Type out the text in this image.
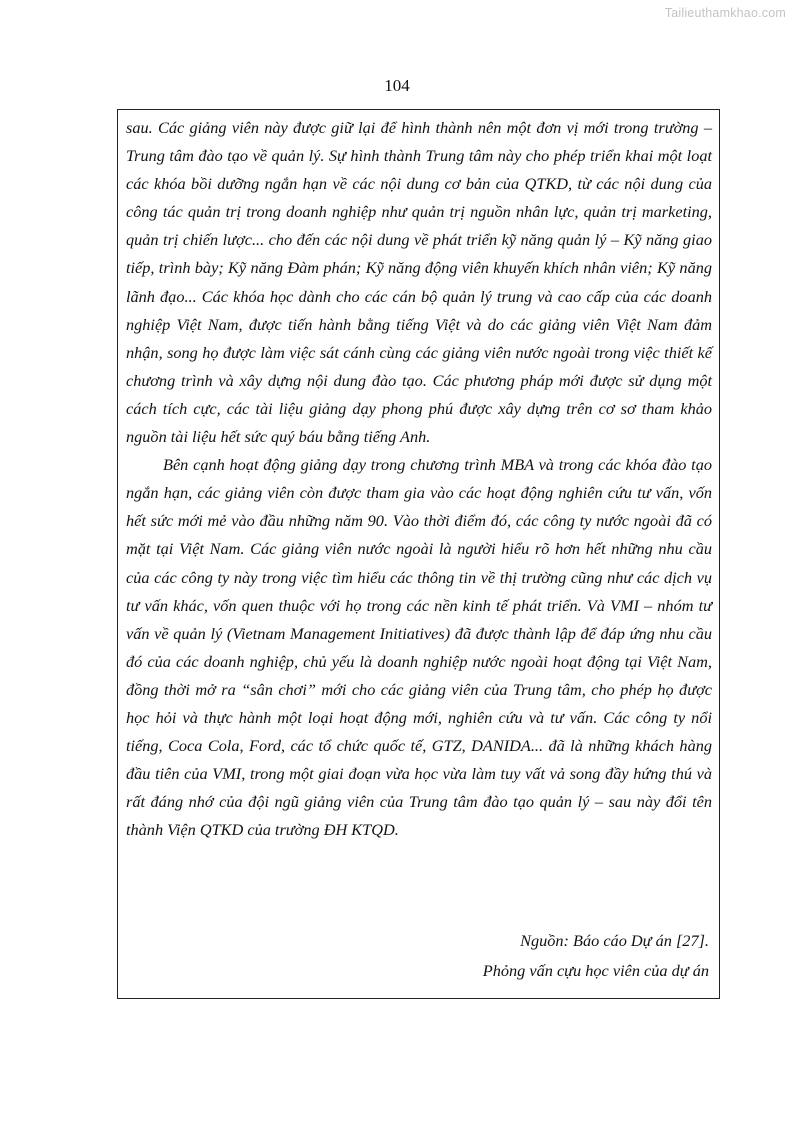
Tailieuthamkhao.com
104

sau. Các giảng viên này được giữ lại để hình thành nên một đơn vị mới trong trường – Trung tâm đào tạo về quản lý. Sự hình thành Trung tâm này cho phép triển khai một loạt các khóa bồi dưỡng ngắn hạn về các nội dung cơ bản của QTKD, từ các nội dung của công tác quản trị trong doanh nghiệp như quản trị nguồn nhân lực, quản trị marketing, quản trị chiến lược... cho đến các nội dung về phát triển kỹ năng quản lý – Kỹ năng giao tiếp, trình bày; Kỹ năng Đàm phán; Kỹ năng động viên khuyến khích nhân viên; Kỹ năng lãnh đạo... Các khóa học dành cho các cán bộ quản lý trung và cao cấp của các doanh nghiệp Việt Nam, được tiến hành bằng tiếng Việt và do các giảng viên Việt Nam đảm nhận, song họ được làm việc sát cánh cùng các giảng viên nước ngoài trong việc thiết kế chương trình và xây dựng nội dung đào tạo. Các phương pháp mới được sử dụng một cách tích cực, các tài liệu giảng dạy phong phú được xây dựng trên cơ sơ tham khảo nguồn tài liệu hết sức quý báu bằng tiếng Anh.

Bên cạnh hoạt động giảng dạy trong chương trình MBA và trong các khóa đào tạo ngắn hạn, các giảng viên còn được tham gia vào các hoạt động nghiên cứu tư vấn, vốn hết sức mới mẻ vào đầu những năm 90. Vào thời điểm đó, các công ty nước ngoài đã có mặt tại Việt Nam. Các giảng viên nước ngoài là người hiểu rõ hơn hết những nhu cầu của các công ty này trong việc tìm hiểu các thông tin về thị trường cũng như các dịch vụ tư vấn khác, vốn quen thuộc với họ trong các nền kinh tế phát triển. Và VMI – nhóm tư vấn về quản lý (Vietnam Management Initiatives) đã được thành lập để đáp ứng nhu cầu đó của các doanh nghiệp, chủ yếu là doanh nghiệp nước ngoài hoạt động tại Việt Nam, đồng thời mở ra “sân chơi” mới cho các giảng viên của Trung tâm, cho phép họ được học hỏi và thực hành một loại hoạt động mới, nghiên cứu và tư vấn. Các công ty nổi tiếng, Coca Cola, Ford, các tổ chức quốc tế, GTZ, DANIDA... đã là những khách hàng đầu tiên của VMI, trong một giai đoạn vừa học vừa làm tuy vất vả song đầy hứng thú và rất đáng nhớ của đội ngũ giảng viên của Trung tâm đào tạo quản lý – sau này đổi tên thành Viện QTKD của trường ĐH KTQD.

Nguồn: Báo cáo Dự án [27].
Phỏng vấn cựu học viên của dự án
